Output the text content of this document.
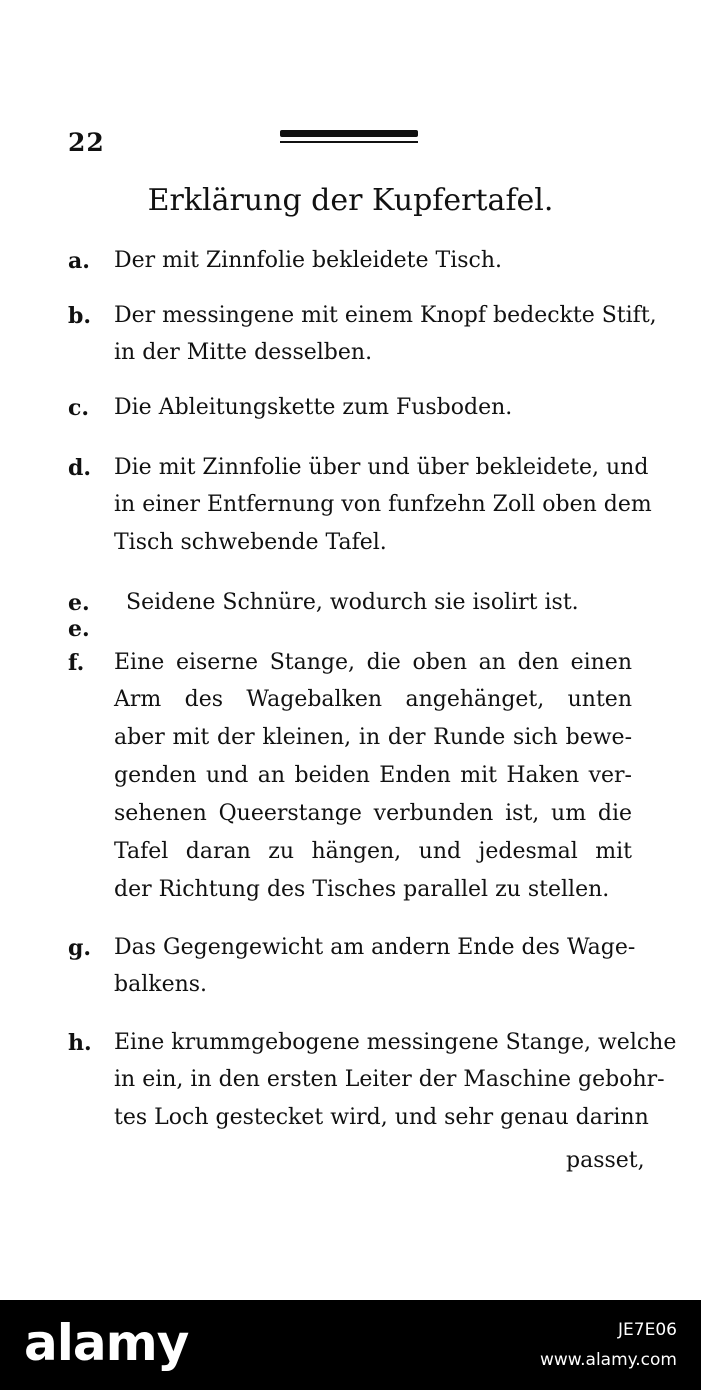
22
Erklärung der Kupfertafel.
a.	Der mit Zinnfolie bekleidete Tisch.
b.	Der messingene mit einem Knopf bedeckte Stift,
in der Mitte desselben.
c.	Die Ableitungskette zum Fusboden.
d.	Die mit Zinnfolie über und über bekleidete, und
in einer Entfernung von funfzehn Zoll oben dem
Tisch schwebende Tafel.
e. e.
Seidene Schnüre, wodurch sie isolirt ist.
f.	Eine eiserne Stange, die oben an den einen
Arm des Wagebalken angehänget, unten
aber mit der kleinen, in der Runde sich bewe-
genden und an beiden Enden mit Haken ver-
sehenen Queerstange verbunden ist, um die
Tafel daran zu hängen, und jedesmal mit
der Richtung des Tisches parallel zu stellen.
g.	Das Gegengewicht am andern Ende des Wage-
balkens.
h.	Eine krummgebogene messingene Stange, welche
in ein, in den ersten Leiter der Maschine gebohr-
tes Loch gestecket wird, und sehr genau darinn
passet,
alamy	JE7E06
www.alamy.com
